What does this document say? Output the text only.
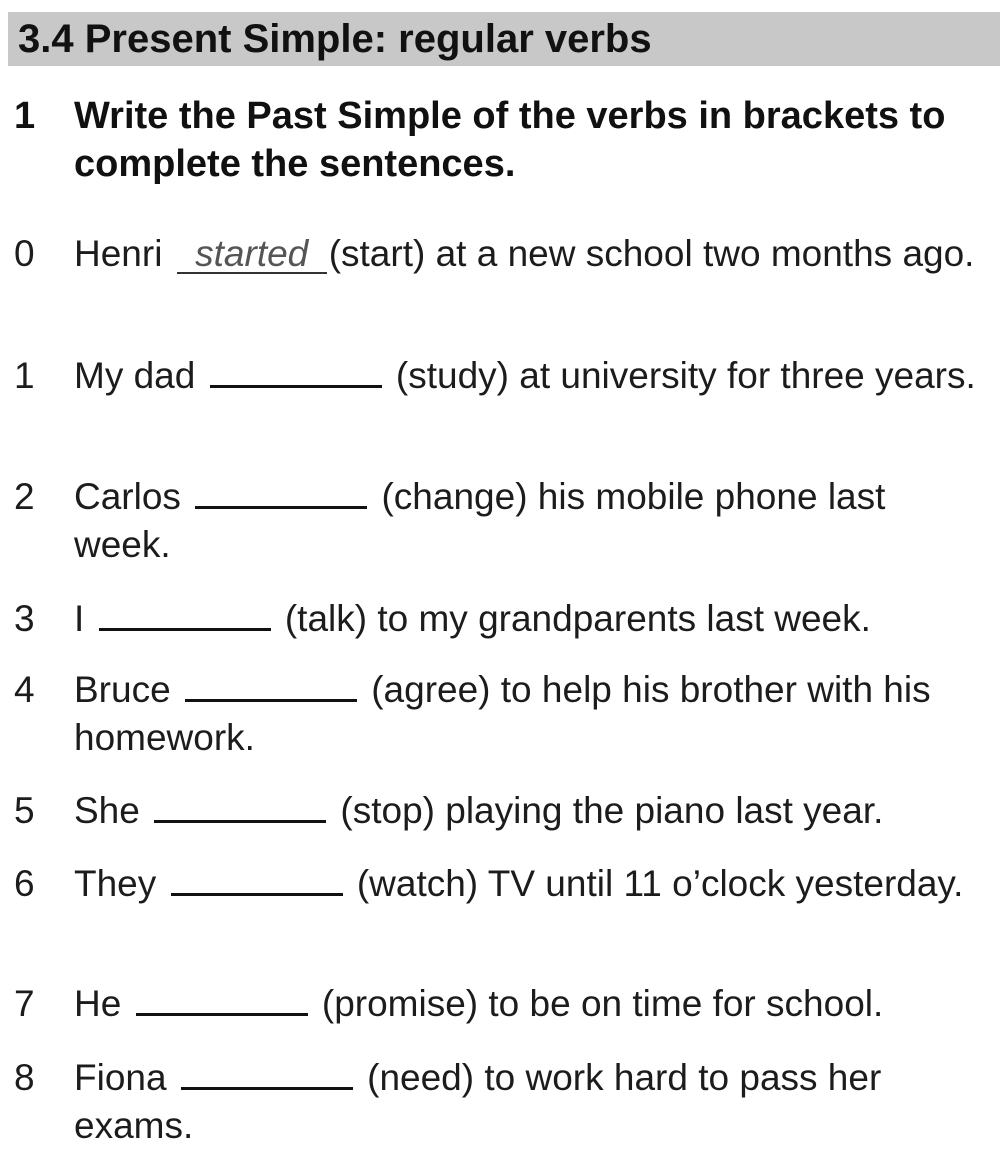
3.4 Present Simple: regular verbs
1	Write the Past Simple of the verbs in brackets to complete the sentences.
0	Henri started (start) at a new school two months ago.
1	My dad	(study) at university for three years.
2	Carlos	(change) his mobile phone last week.
3	I	(talk) to my grandparents last week.
4	Bruce	(agree) to help his brother with his homework.
5	She	(stop) playing the piano last year.
6	They	(watch) TV until 11 o’clock yesterday.
7	He	(promise) to be on time for school.
8	Fiona	(need) to work hard to pass her exams.
